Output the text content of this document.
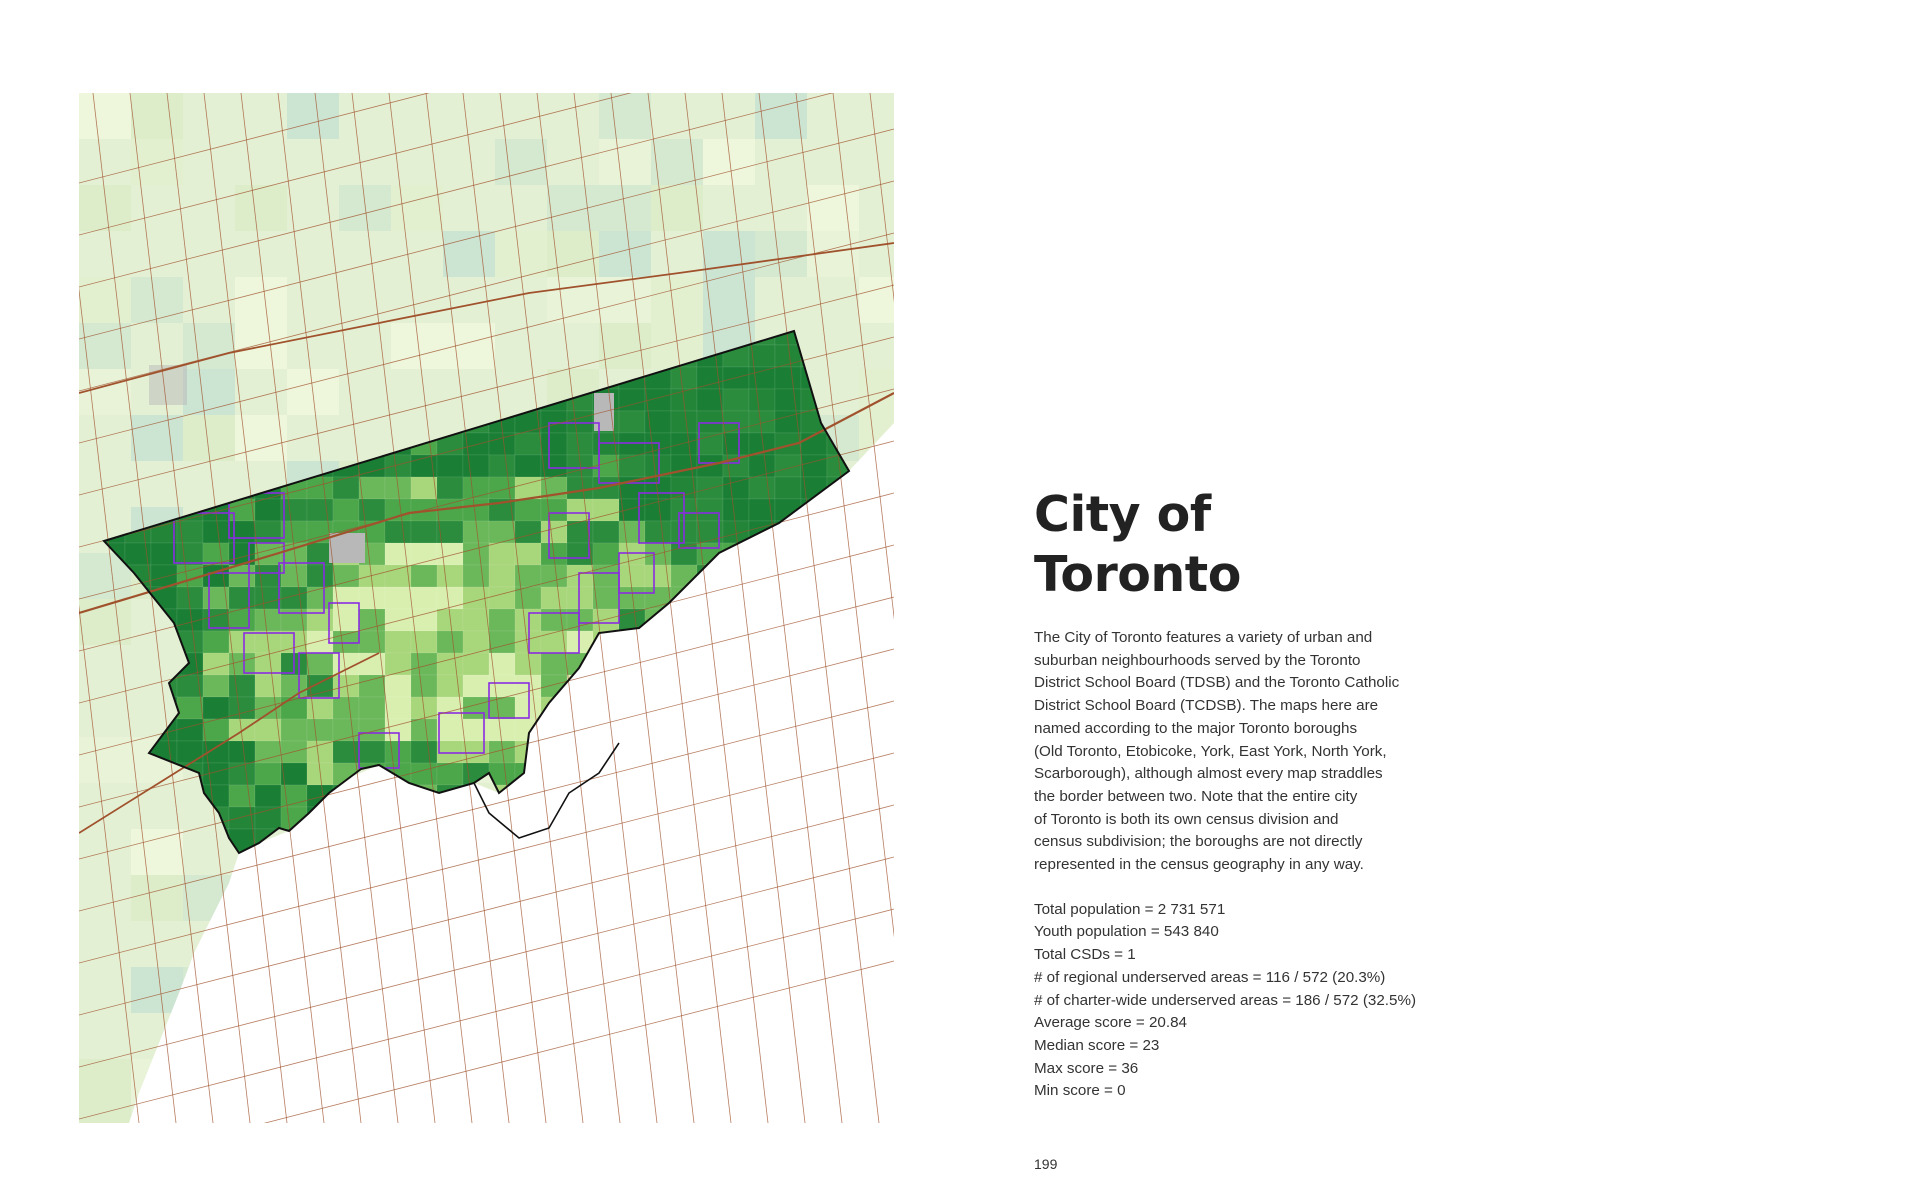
City of
Toronto

The City of Toronto features a variety of urban and
suburban neighbourhoods served by the Toronto
District School Board (TDSB) and the Toronto Catholic
District School Board (TCDSB). The maps here are
named according to the major Toronto boroughs
(Old Toronto, Etobicoke, York, East York, North York,
Scarborough), although almost every map straddles
the border between two. Note that the entire city
of Toronto is both its own census division and
census subdivision; the boroughs are not directly
represented in the census geography in any way.

Total population = 2 731 571
Youth population = 543 840
Total CSDs = 1
# of regional underserved areas = 116 / 572 (20.3%)
# of charter-wide underserved areas = 186 / 572 (32.5%)
Average score = 20.84
Median score = 23
Max score = 36
Min score = 0
199
